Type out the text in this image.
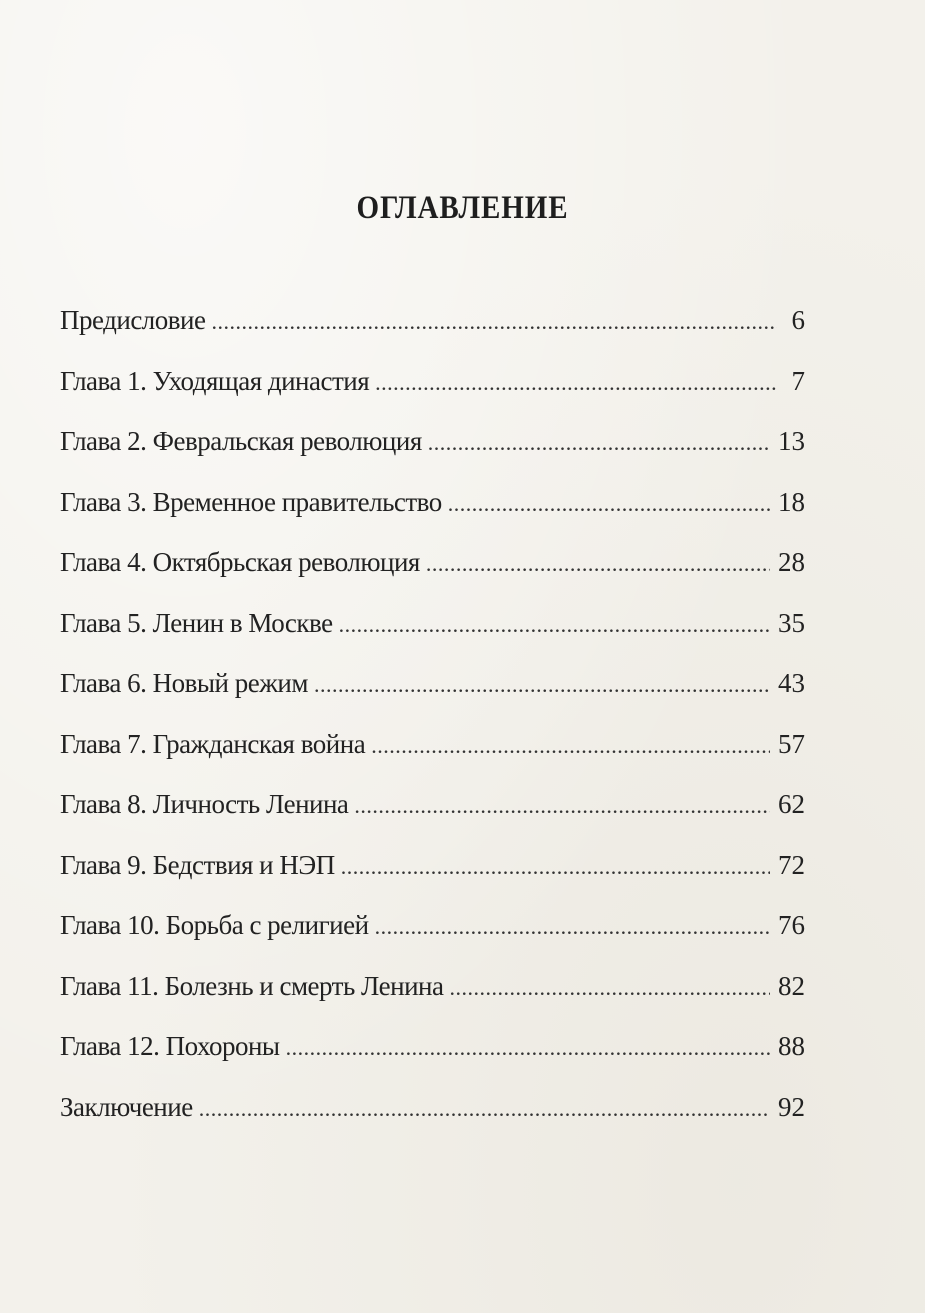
ОГЛАВЛЕНИЕ
Предисловие . . .	6
Глава 1. Уходящая династия . . .	7
Глава 2. Февральская революция . . .	13
Глава 3. Временное правительство . . .	18
Глава 4. Октябрьская революция . . .	28
Глава 5. Ленин в Москве . . .	35
Глава 6. Новый режим . . .	43
Глава 7. Гражданская война . . .	57
Глава 8. Личность Ленина . . .	62
Глава 9. Бедствия и НЭП . . .	72
Глава 10. Борьба с религией . . .	76
Глава 11. Болезнь и смерть Ленина . . .	82
Глава 12. Похороны . . .	88
Заключение . . .	92
